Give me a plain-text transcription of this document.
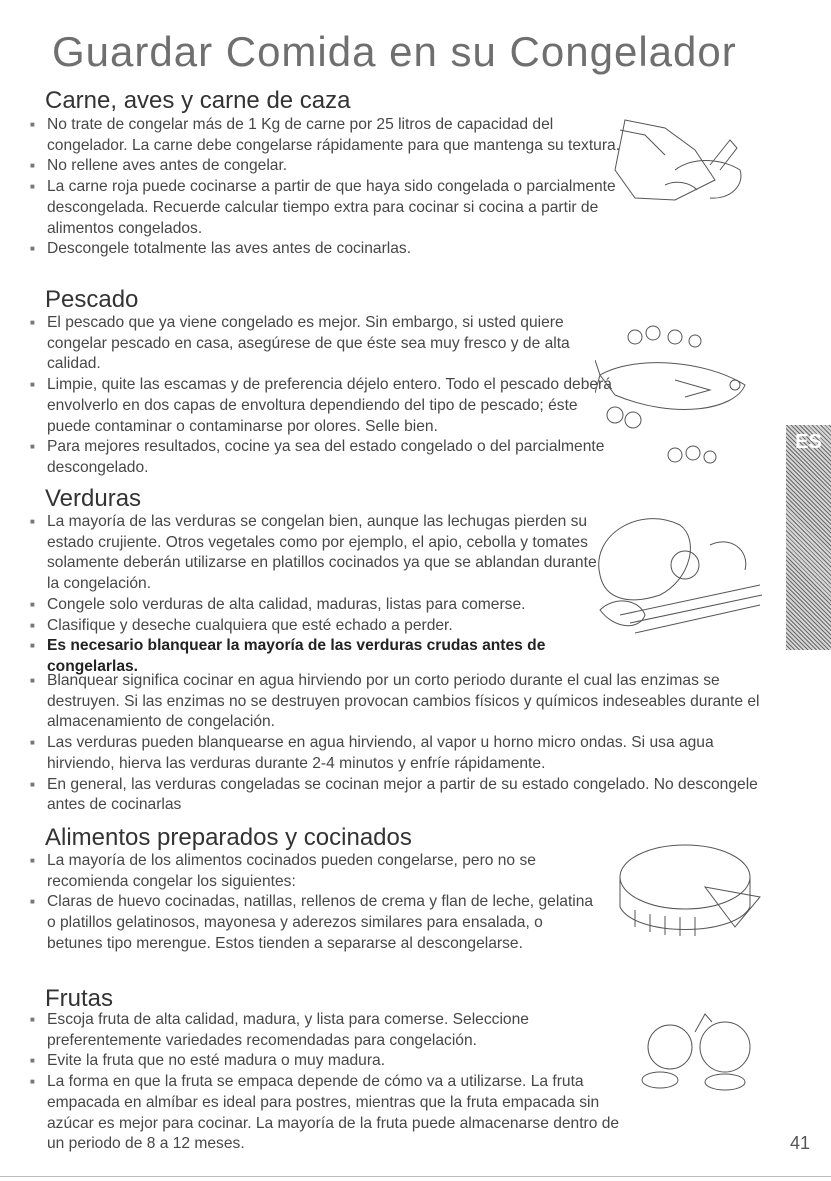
Guardar Comida en su Congelador
Carne, aves y carne de caza
■ No trate de congelar más de 1 Kg de carne por 25 litros de capacidad del congelador. La carne debe congelarse rápidamente para que mantenga su textura.
■ No rellene aves antes de congelar.
■ La carne roja puede cocinarse a partir de que haya sido congelada o parcialmente descongelada. Recuerde calcular tiempo extra para cocinar si cocina a partir de alimentos congelados.
■ Descongele totalmente las aves antes de cocinarlas.
Pescado
■ El pescado que ya viene congelado es mejor. Sin embargo, si usted quiere congelar pescado en casa, asegúrese de que éste sea muy fresco y de alta calidad.
■ Limpie, quite las escamas y de preferencia déjelo entero. Todo el pescado deberá envolverlo en dos capas de envoltura dependiendo del tipo de pescado; éste puede contaminar o contaminarse por olores. Selle bien.
■ Para mejores resultados, cocine ya sea del estado congelado o del parcialmente descongelado.
Verduras
■ La mayoría de las verduras se congelan bien, aunque las lechugas pierden su estado crujiente. Otros vegetales como por ejemplo, el apio, cebolla y tomates solamente deberán utilizarse en platillos cocinados ya que se ablandan durante la congelación.
■ Congele solo verduras de alta calidad, maduras, listas para comerse.
■ Clasifique y deseche cualquiera que esté echado a perder.
■ Es necesario blanquear la mayoría de las verduras crudas antes de congelarlas.
■ Blanquear significa cocinar en agua hirviendo por un corto periodo durante el cual las enzimas se destruyen. Si las enzimas no se destruyen provocan cambios físicos y químicos indeseables durante el almacenamiento de congelación.
■ Las verduras pueden blanquearse en agua hirviendo, al vapor u horno micro ondas. Si usa agua hirviendo, hierva las verduras durante 2-4 minutos y enfríe rápidamente.
■ En general, las verduras congeladas se cocinan mejor a partir de su estado congelado. No descongele antes de cocinarlas
Alimentos preparados y cocinados
■ La mayoría de los alimentos cocinados pueden congelarse, pero no se recomienda congelar los siguientes:
■ Claras de huevo cocinadas, natillas, rellenos de crema y flan de leche, gelatina o platillos gelatinosos, mayonesa y aderezos similares para ensalada, o betunes tipo merengue. Estos tienden a separarse al descongelarse.
Frutas
■ Escoja fruta de alta calidad, madura, y lista para comerse. Seleccione preferentemente variedades recomendadas para congelación.
■ Evite la fruta que no esté madura o muy madura.
■ La forma en que la fruta se empaca depende de cómo va a utilizarse. La fruta empacada en almíbar es ideal para postres, mientras que la fruta empacada sin azúcar es mejor para cocinar. La mayoría de la fruta puede almacenarse dentro de un periodo de 8 a 12 meses.
ES
41
